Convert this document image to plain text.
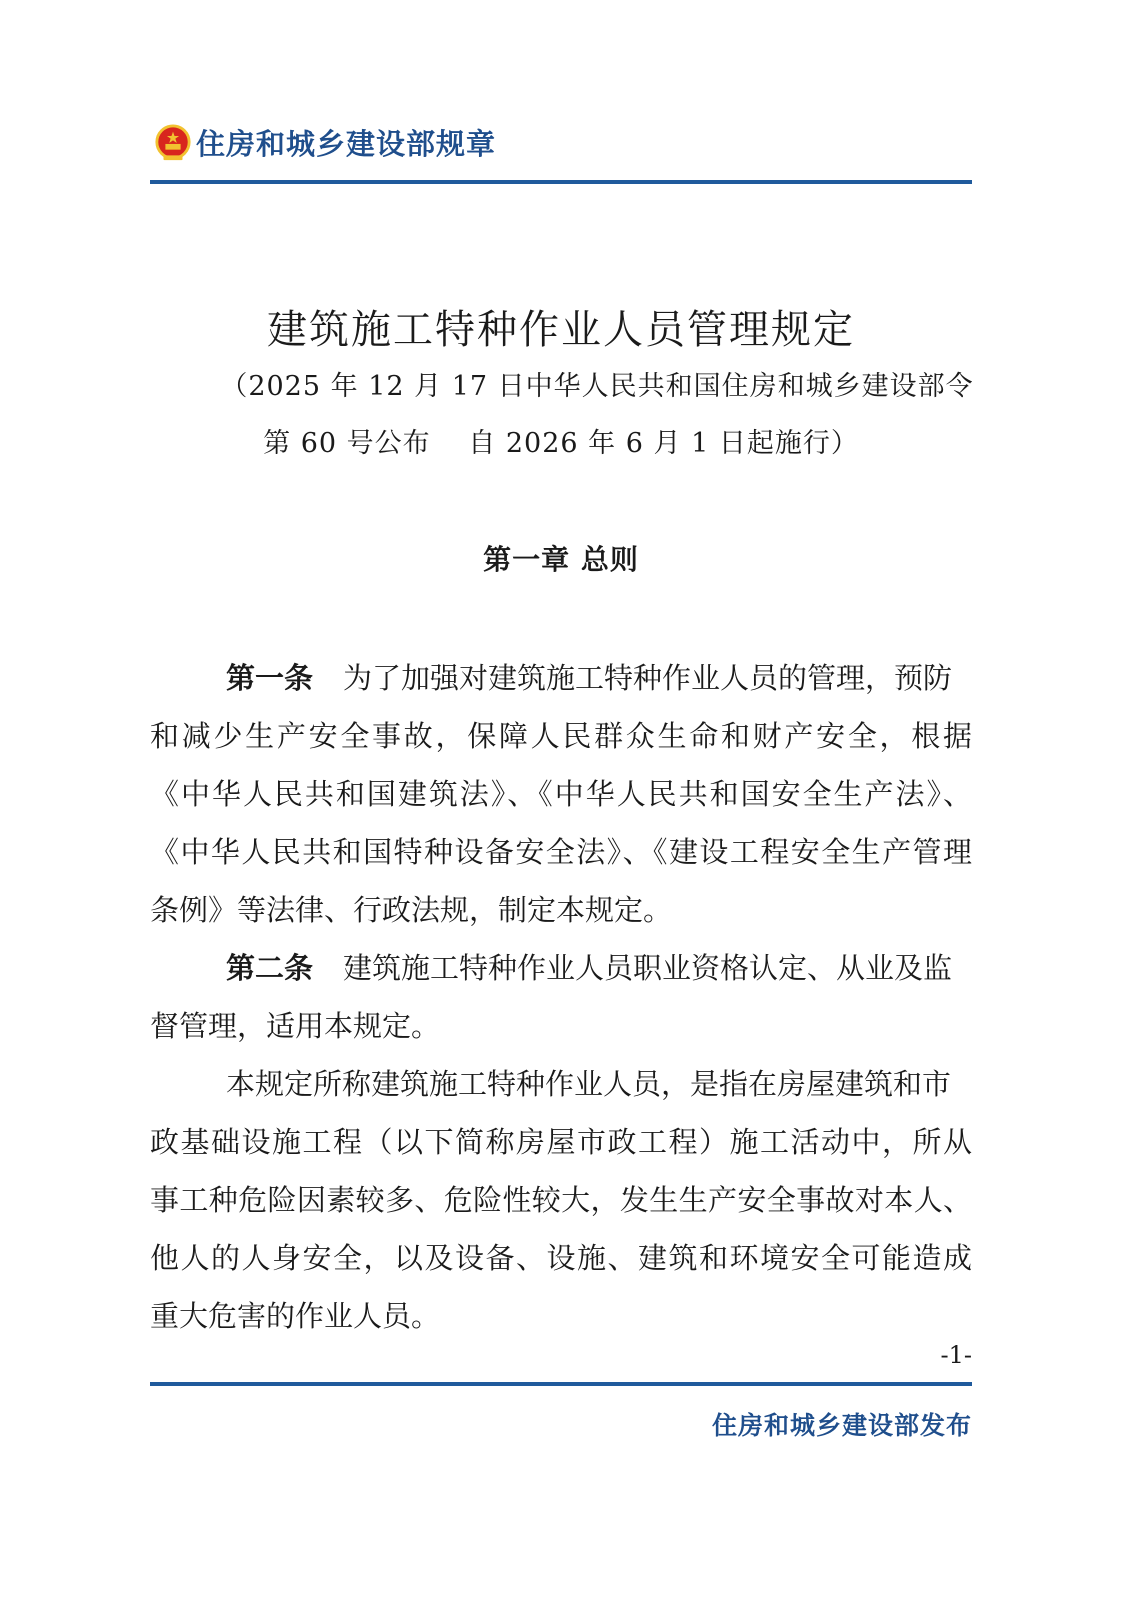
住房和城乡建设部规章
建筑施工特种作业人员管理规定
（2025 年 12 月 17 日中华人民共和国住房和城乡建设部令
第 60 号公布　 自 2026 年 6 月 1 日起施行）
第一章 总则
第一条 为了加强对建筑施工特种作业人员的管理，预防
和减少生产安全事故，保障人民群众生命和财产安全，根据
《中华人民共和国建筑法》、《中华人民共和国安全生产法》、
《中华人民共和国特种设备安全法》、《建设工程安全生产管理
条例》等法律、行政法规，制定本规定。
第二条 建筑施工特种作业人员职业资格认定、从业及监
督管理，适用本规定。
本规定所称建筑施工特种作业人员，是指在房屋建筑和市
政基础设施工程（以下简称房屋市政工程）施工活动中，所从
事工种危险因素较多、危险性较大，发生生产安全事故对本人、
他人的人身安全，以及设备、设施、建筑和环境安全可能造成
重大危害的作业人员。
-1-
住房和城乡建设部发布
